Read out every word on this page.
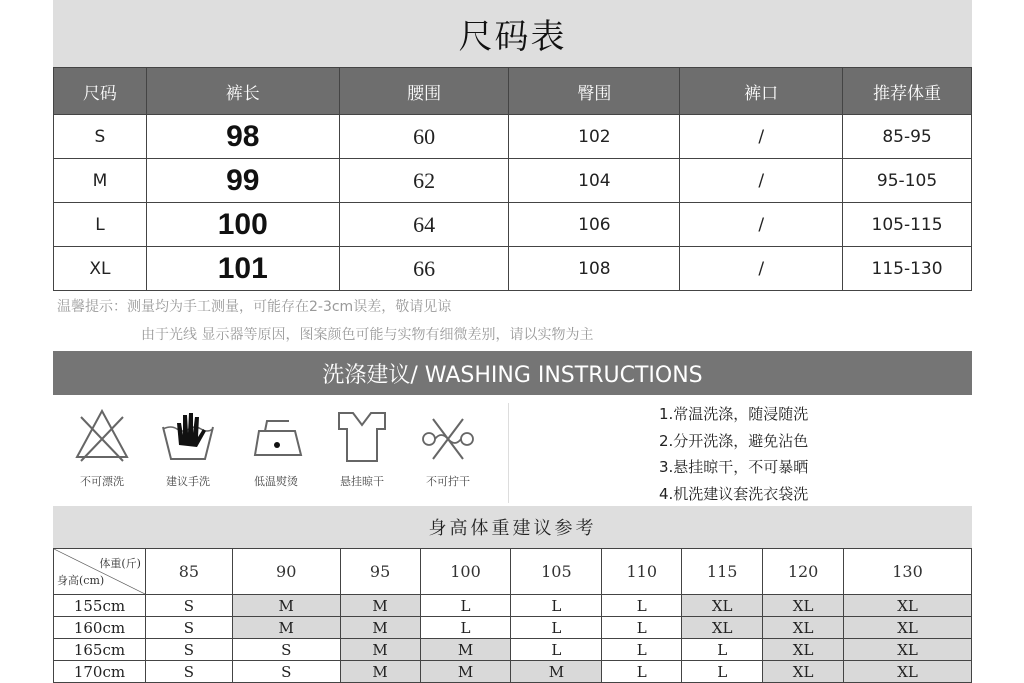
尺码表
尺码	裤长	腰围	臀围	裤口	推荐体重
S	98	60	102	/	85-95
M	99	62	104	/	95-105
L	100	64	106	/	105-115
XL	101	66	108	/	115-130
温馨提示：测量均为手工测量，可能存在2-3cm误差，敬请见谅
由于光线 显示器等原因，图案颜色可能与实物有细微差别，请以实物为主
洗涤建议/ WASHING INSTRUCTIONS
不可漂洗	建议手洗	低温熨烫	悬挂晾干	不可拧干
1.常温洗涤，随浸随洗
2.分开洗涤，避免沾色
3.悬挂晾干，不可暴晒
4.机洗建议套洗衣袋洗
身高体重建议参考
体重(斤)
身高(cm)	85	90	95	100	105	110	115	120	130
155cm	S	M	M	L	L	L	XL	XL	XL
160cm	S	M	M	L	L	L	XL	XL	XL
165cm	S	S	M	M	L	L	L	XL	XL
170cm	S	S	M	M	M	L	L	XL	XL
